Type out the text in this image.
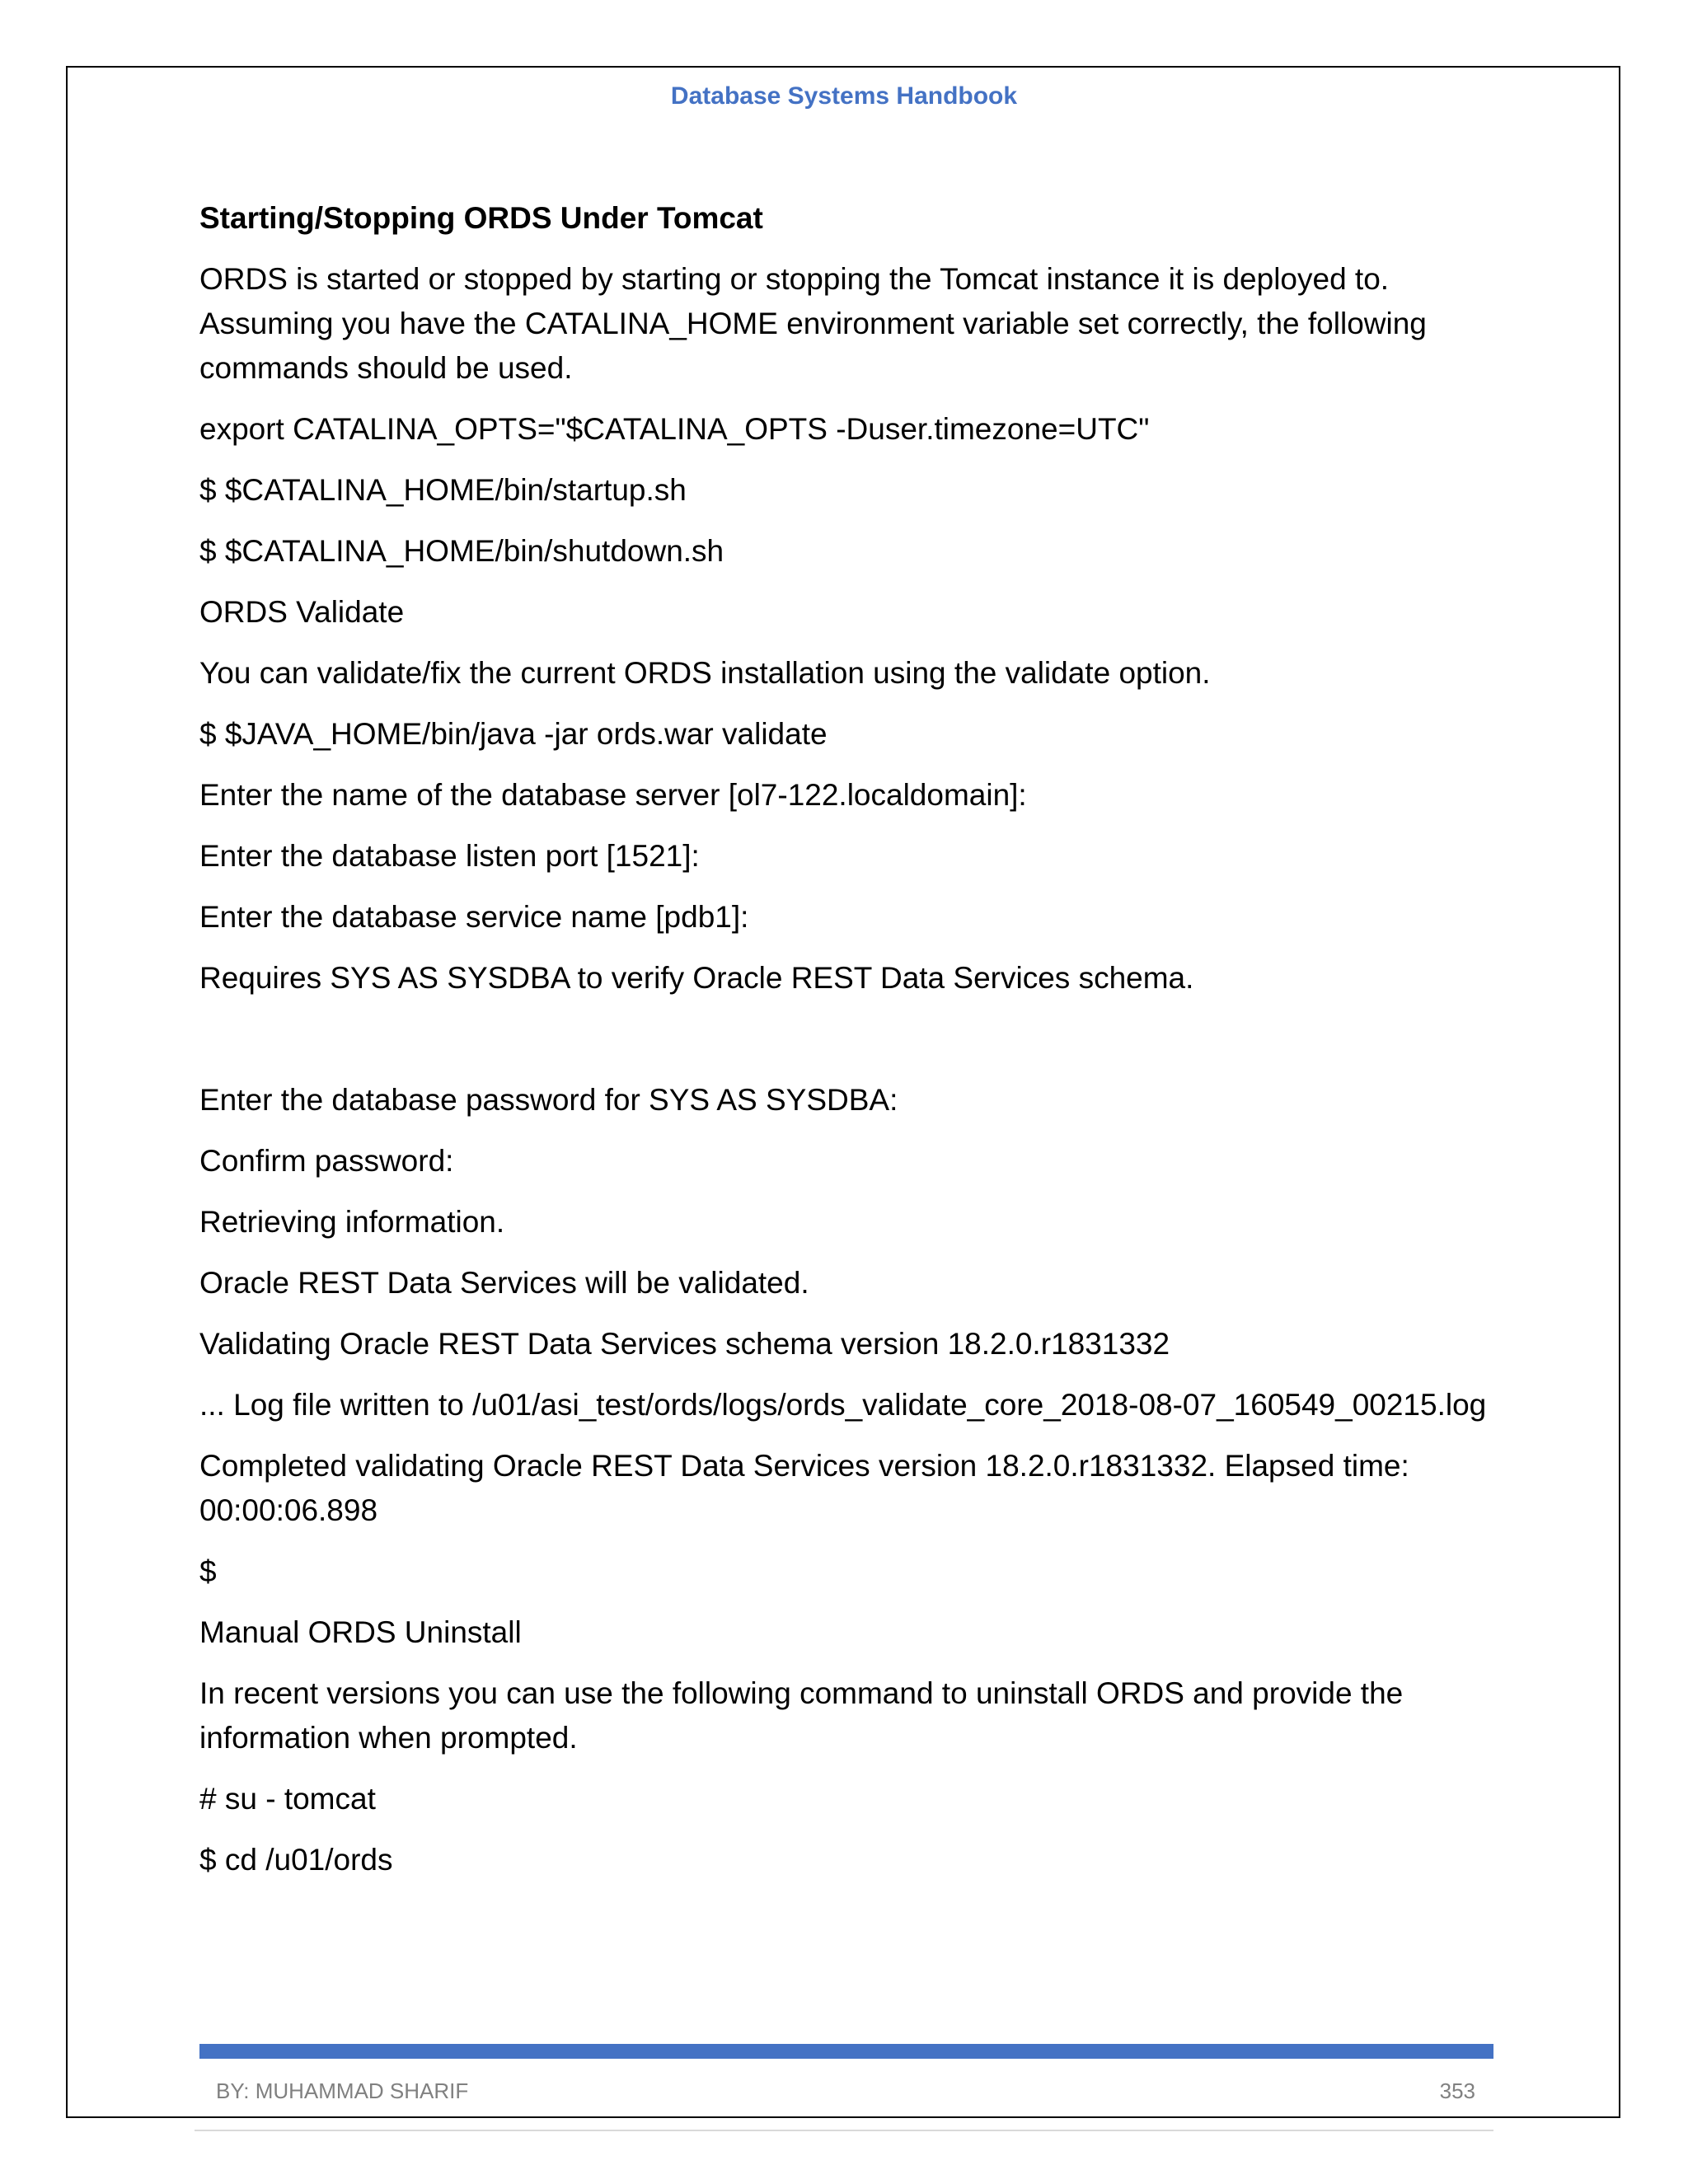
Database Systems Handbook
Starting/Stopping ORDS Under Tomcat
ORDS is started or stopped by starting or stopping the Tomcat instance it is deployed to. Assuming you have the CATALINA_HOME environment variable set correctly, the following commands should be used.
export CATALINA_OPTS="$CATALINA_OPTS -Duser.timezone=UTC"
$ $CATALINA_HOME/bin/startup.sh
$ $CATALINA_HOME/bin/shutdown.sh
ORDS Validate
You can validate/fix the current ORDS installation using the validate option.
$ $JAVA_HOME/bin/java -jar ords.war validate
Enter the name of the database server [ol7-122.localdomain]:
Enter the database listen port [1521]:
Enter the database service name [pdb1]:
Requires SYS AS SYSDBA to verify Oracle REST Data Services schema.
Enter the database password for SYS AS SYSDBA:
Confirm password:
Retrieving information.
Oracle REST Data Services will be validated.
Validating Oracle REST Data Services schema version 18.2.0.r1831332
... Log file written to /u01/asi_test/ords/logs/ords_validate_core_2018-08-07_160549_00215.log
Completed validating Oracle REST Data Services version 18.2.0.r1831332. Elapsed time: 00:00:06.898
$
Manual ORDS Uninstall
In recent versions you can use the following command to uninstall ORDS and provide the information when prompted.
# su - tomcat
$ cd /u01/ords
BY: MUHAMMAD SHARIF	353
